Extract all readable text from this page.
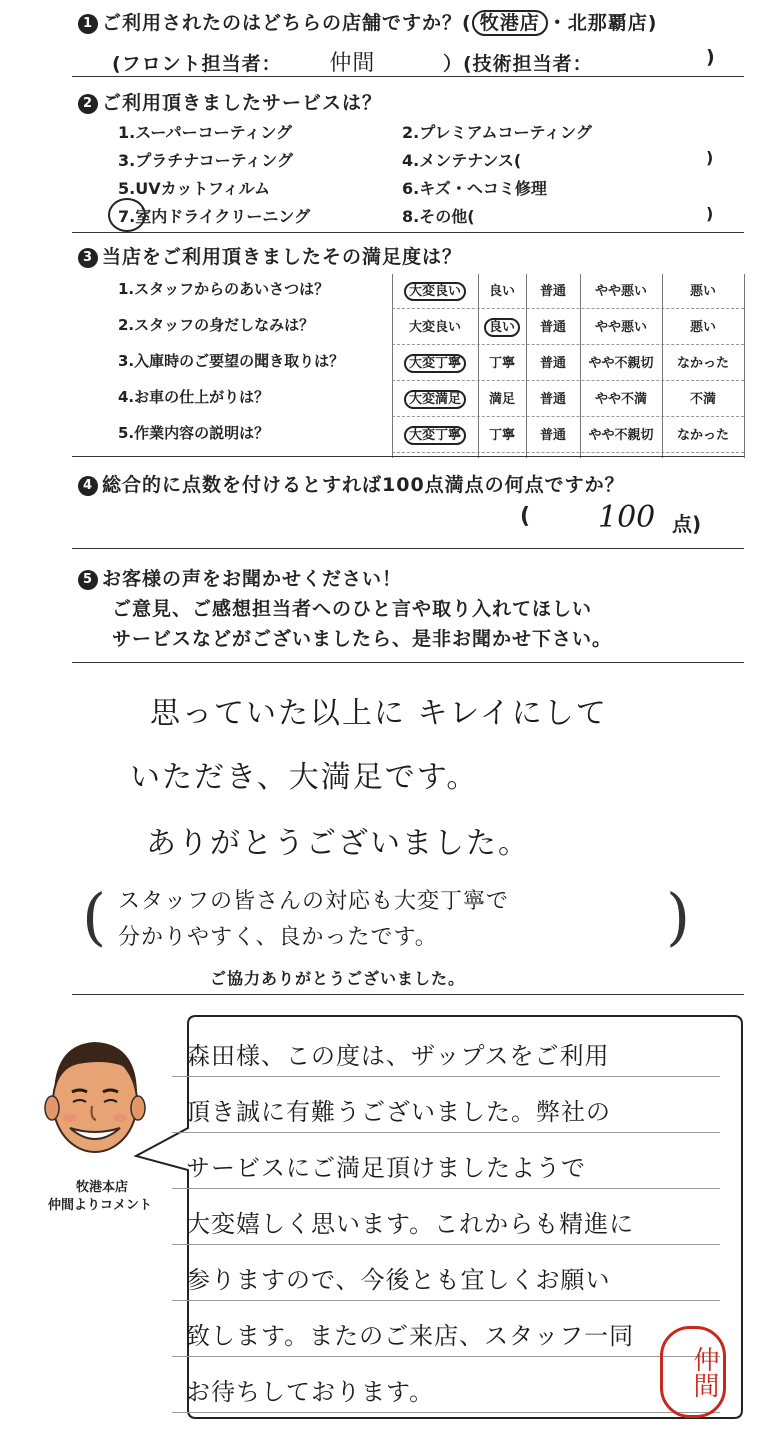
1 ご利用されたのはどちらの店舗ですか？( 牧港店 ・北那覇店)
(フロント担当者： 仲間	）(技術担当者：	)
2 ご利用頂きましたサービスは？
1.スーパーコーティング	2.プレミアムコーティング
3.プラチナコーティング	4.メンテナンス(	)
5.UVカットフィルム	6.キズ・ヘコミ修理
7.室内ドライクリーニング	8.その他(	)
3 当店をご利用頂きましたその満足度は？
1.スタッフからのあいさつは？	大変良い	良い	普通	やや悪い	悪い
2.スタッフの身だしなみは？	大変良い	良い	普通	やや悪い	悪い
3.入庫時のご要望の聞き取りは？	大変丁寧	丁寧	普通	やや不親切	なかった
4.お車の仕上がりは？	大変満足	満足	普通	やや不満	不満
5.作業内容の説明は？	大変丁寧	丁寧	普通	やや不親切	なかった
4 総合的に点数を付けるとすれば100点満点の何点ですか？
( 100 点)
5 お客様の声をお聞かせください！
ご意見、ご感想担当者へのひと言や取り入れてほしい
サービスなどがございましたら、是非お聞かせ下さい。
思っていた以上に キレイにして
いただき、大満足です。
ありがとうございました。
( スタッフの皆さんの対応も大変丁寧で
分かりやすく、良かったです。	)
ご協力ありがとうございました。
牧港本店
仲間よりコメント
森田様、この度は、ザップスをご利用
頂き誠に有難うございました。弊社の
サービスにご満足頂けましたようで
大変嬉しく思います。これからも精進に
参りますので、今後とも宜しくお願い
致します。またのご来店、スタッフ一同
お待ちしております。	仲間
